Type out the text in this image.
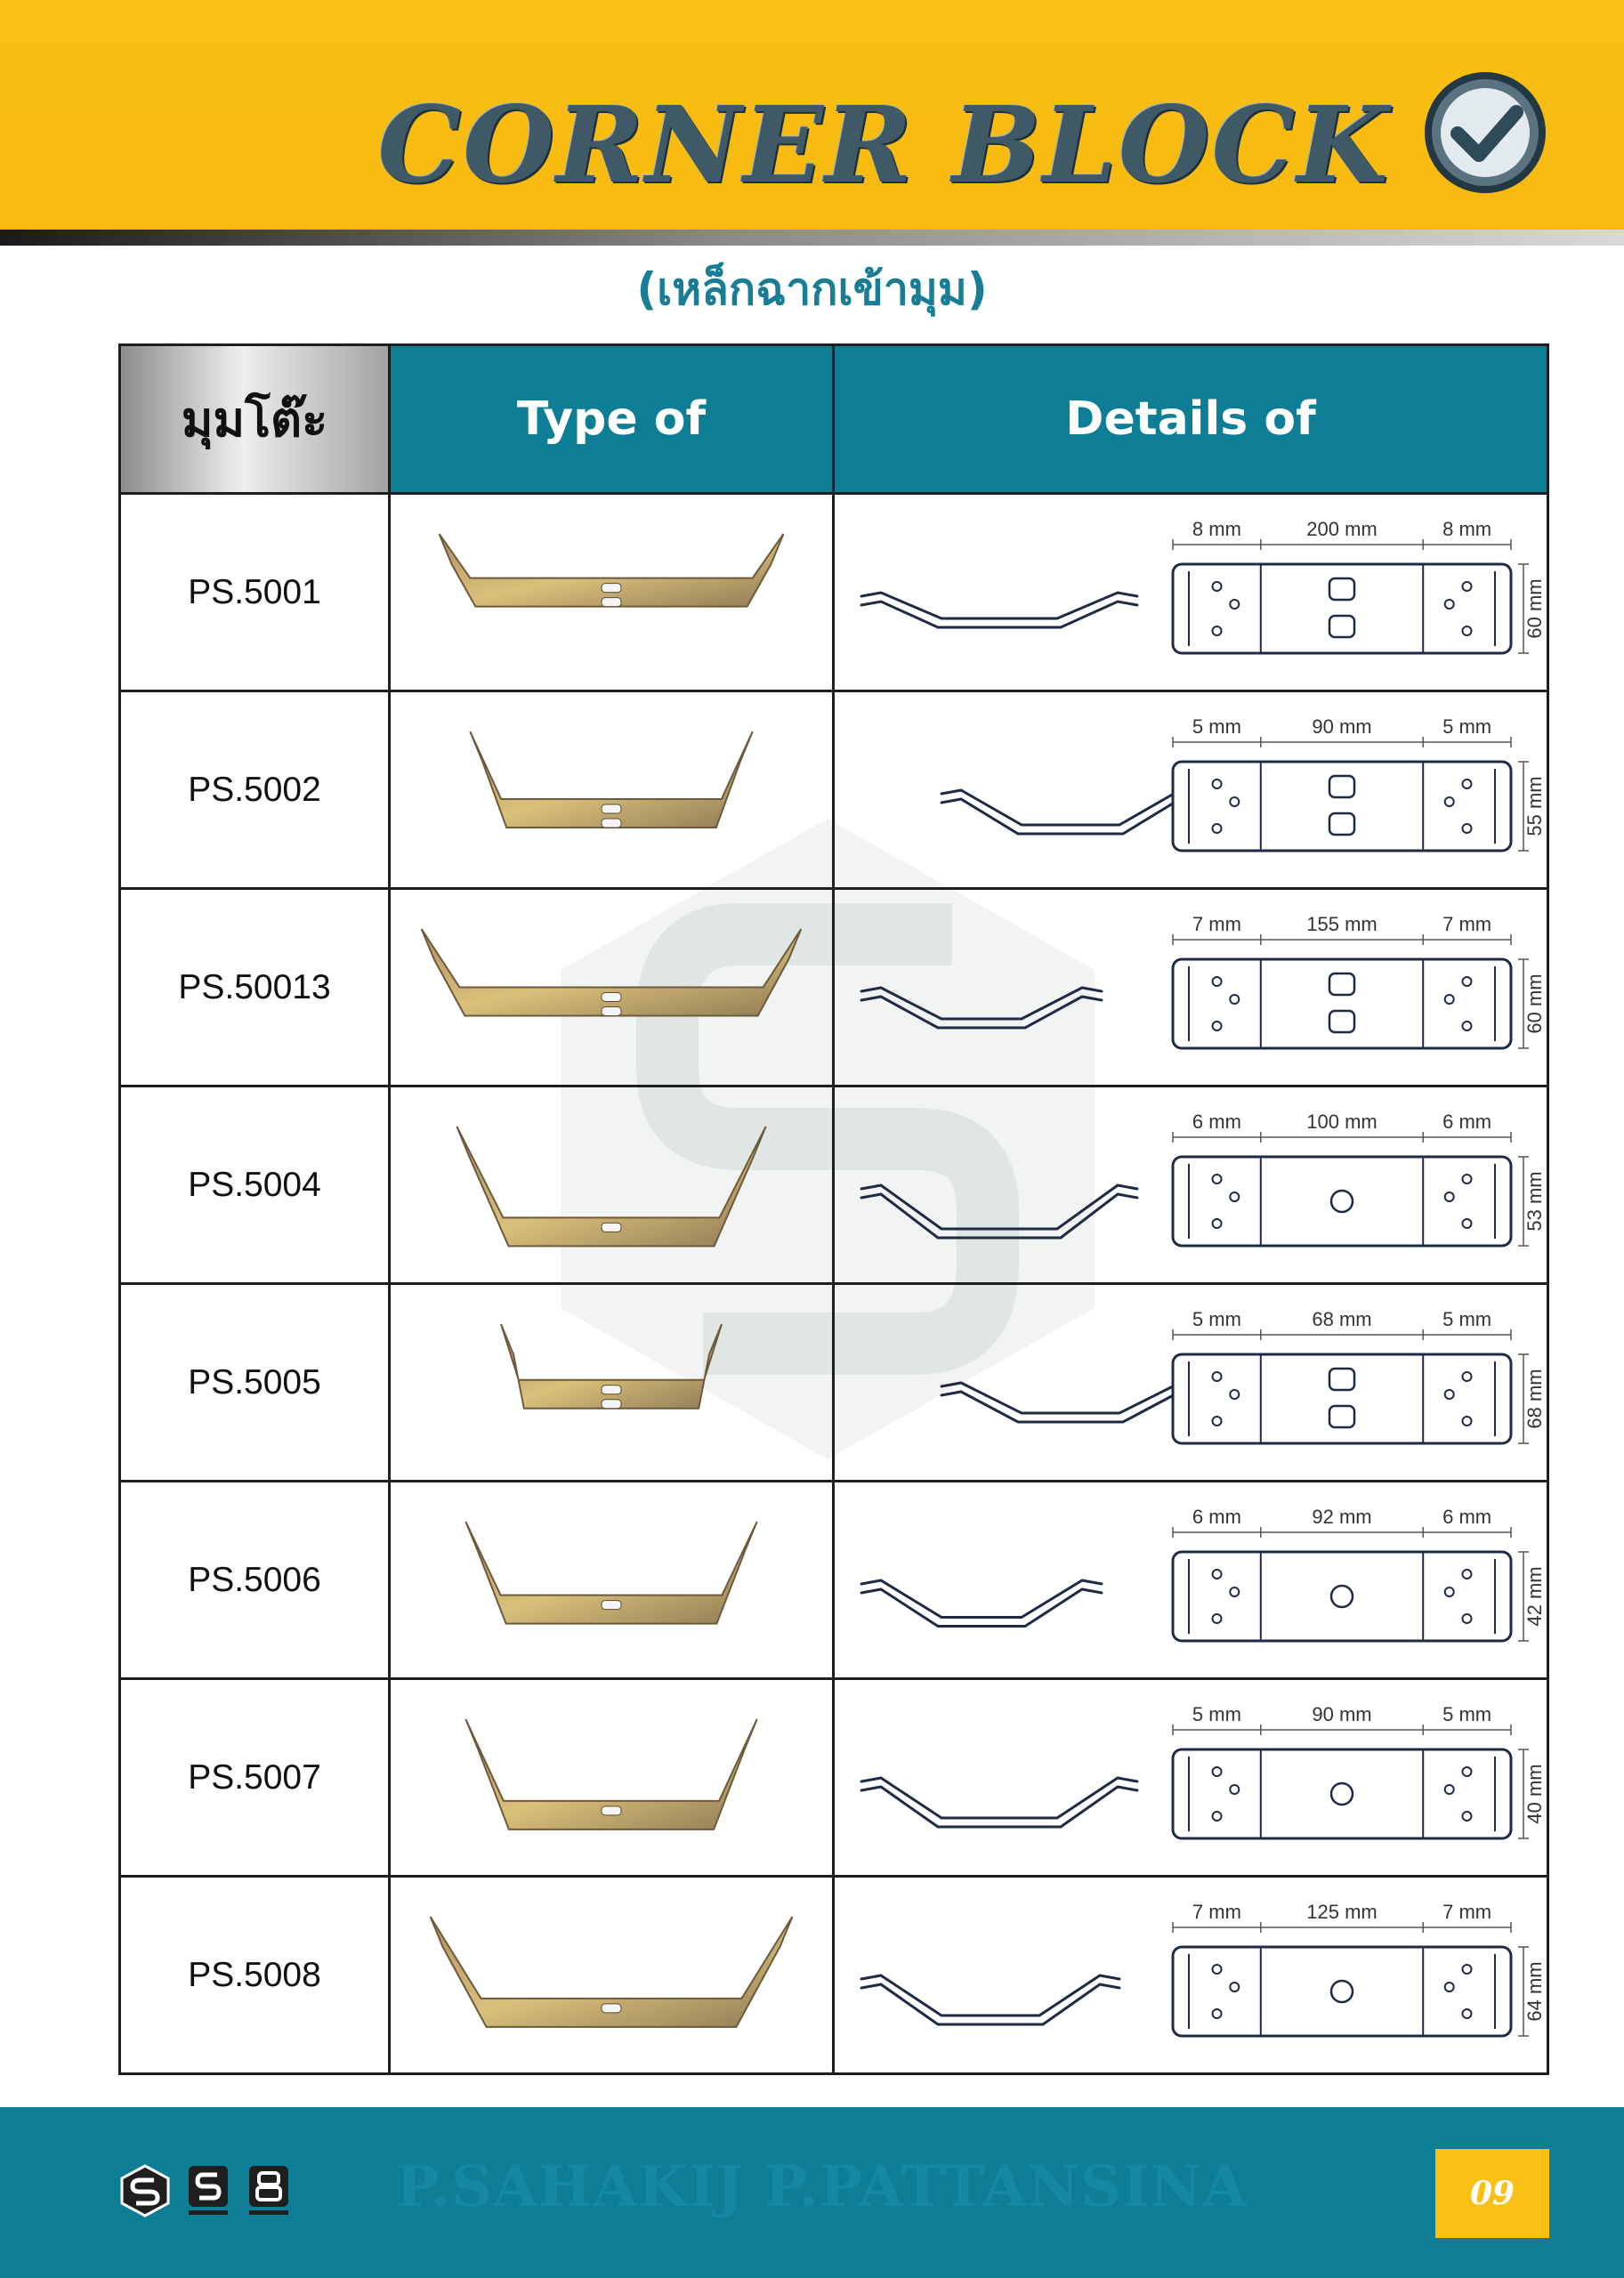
CORNER BLOCK
(เหล็กฉากเข้ามุม)
มุมโต๊ะ	Type of	Details of
PS.5001		8 mm 200 mm 8 mm
60 mm

PS.5002		5 mm 90 mm 5 mm
55 mm

PS.50013		7 mm 155 mm 7 mm
60 mm

PS.5004		6 mm 100 mm 6 mm
53 mm

PS.5005		5 mm 68 mm 5 mm
68 mm

PS.5006		6 mm 92 mm 6 mm
42 mm

PS.5007		5 mm 90 mm 5 mm
40 mm

PS.5008		7 mm 125 mm 7 mm
64 mm
P.SAHAKIJ P.PATTANSINA	09
